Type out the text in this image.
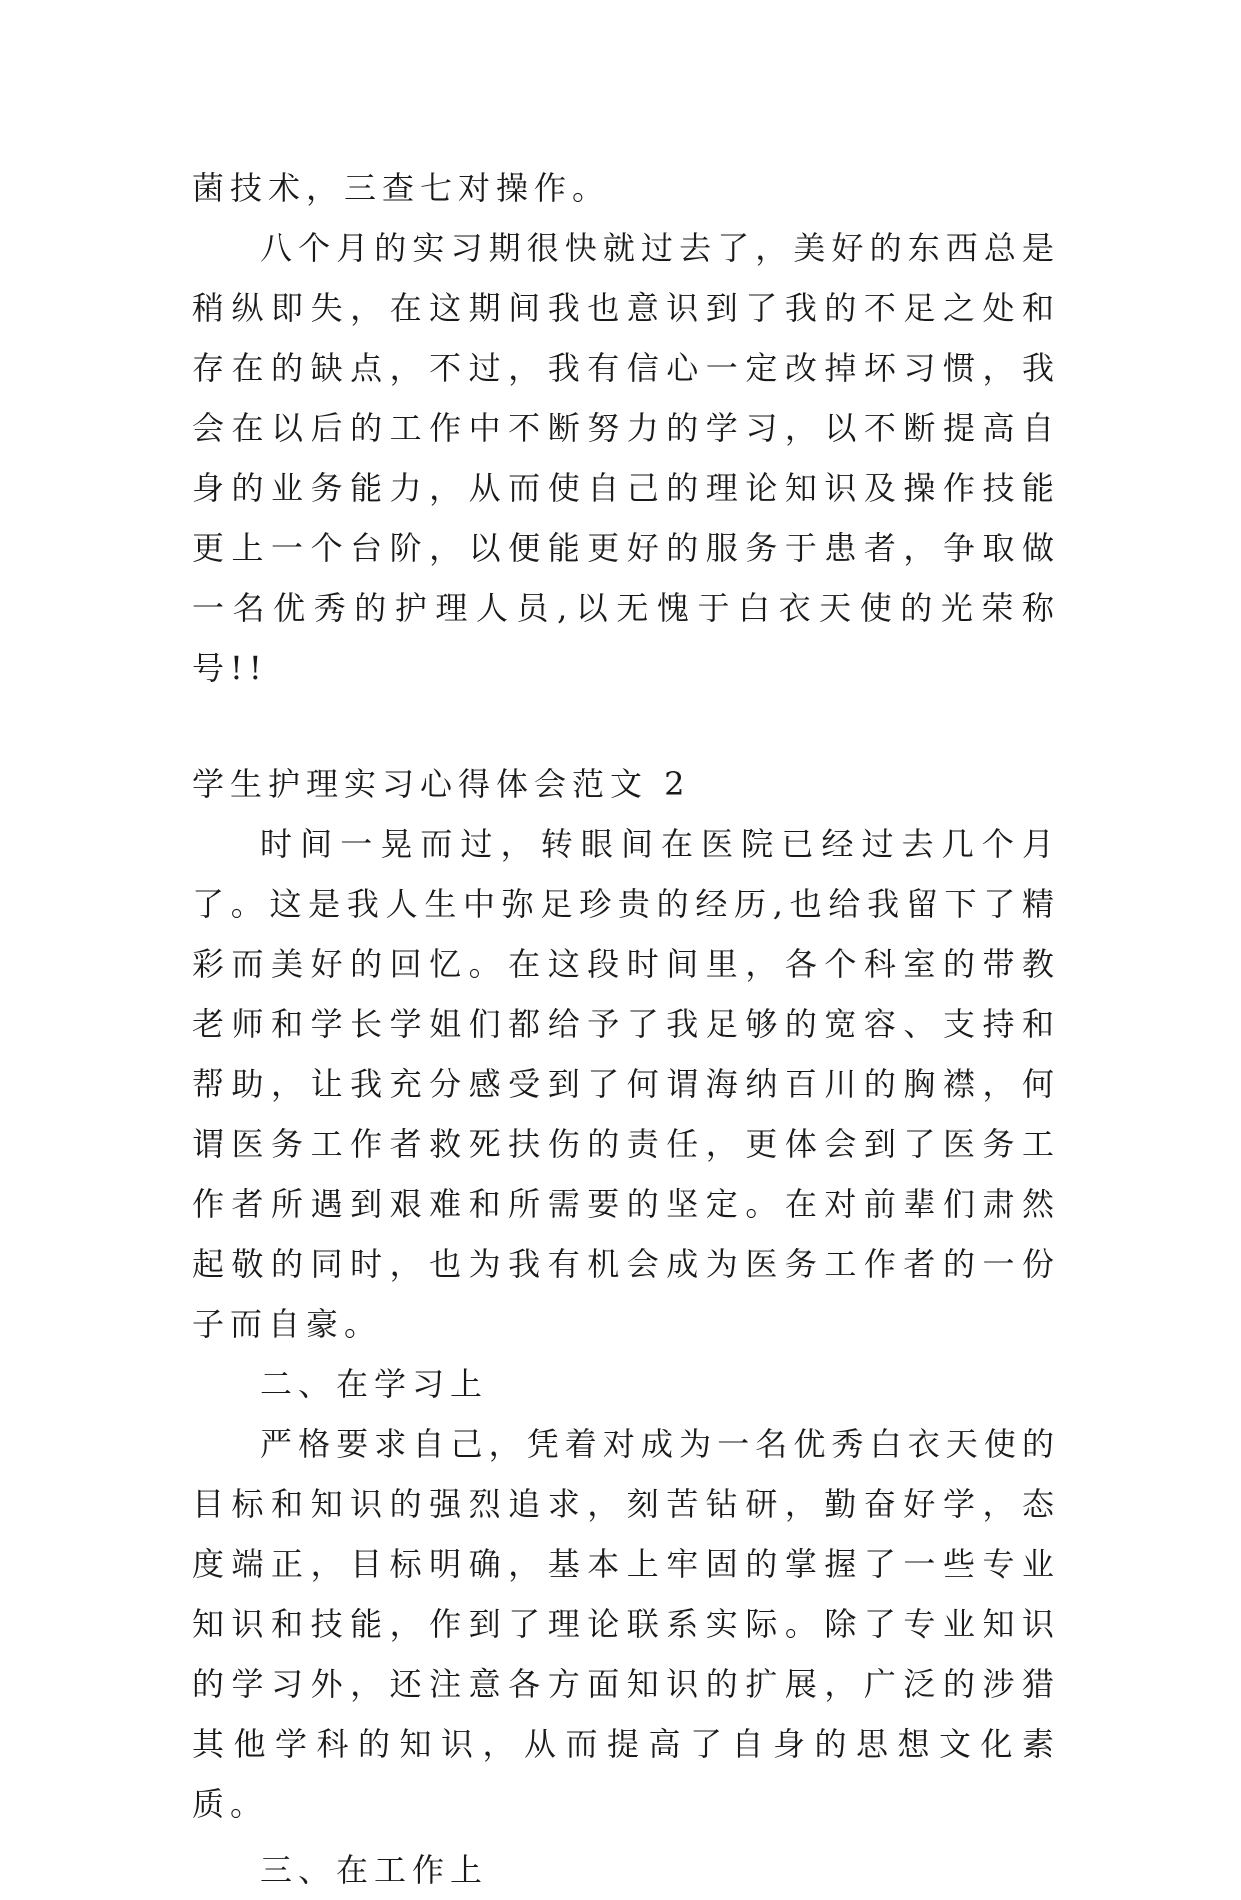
菌技术，三查七对操作。

八个月的实习期很快就过去了，美好的东西总是稍纵即失，在这期间我也意识到了我的不足之处和存在的缺点，不过，我有信心一定改掉坏习惯，我会在以后的工作中不断努力的学习，以不断提高自身的业务能力，从而使自己的理论知识及操作技能更上一个台阶，以便能更好的服务于患者，争取做一名优秀的护理人员,以无愧于白衣天使的光荣称号!!

学生护理实习心得体会范文 2

时间一晃而过，转眼间在医院已经过去几个月了。这是我人生中弥足珍贵的经历,也给我留下了精彩而美好的回忆。在这段时间里，各个科室的带教老师和学长学姐们都给予了我足够的宽容、支持和帮助，让我充分感受到了何谓海纳百川的胸襟，何谓医务工作者救死扶伤的责任，更体会到了医务工作者所遇到艰难和所需要的坚定。在对前辈们肃然起敬的同时，也为我有机会成为医务工作者的一份子而自豪。

二、在学习上

严格要求自己，凭着对成为一名优秀白衣天使的目标和知识的强烈追求，刻苦钻研，勤奋好学，态度端正，目标明确，基本上牢固的掌握了一些专业知识和技能，作到了理论联系实际。除了专业知识的学习外，还注意各方面知识的扩展，广泛的涉猎其他学科的知识，从而提高了自身的思想文化素质。

三、在工作上
